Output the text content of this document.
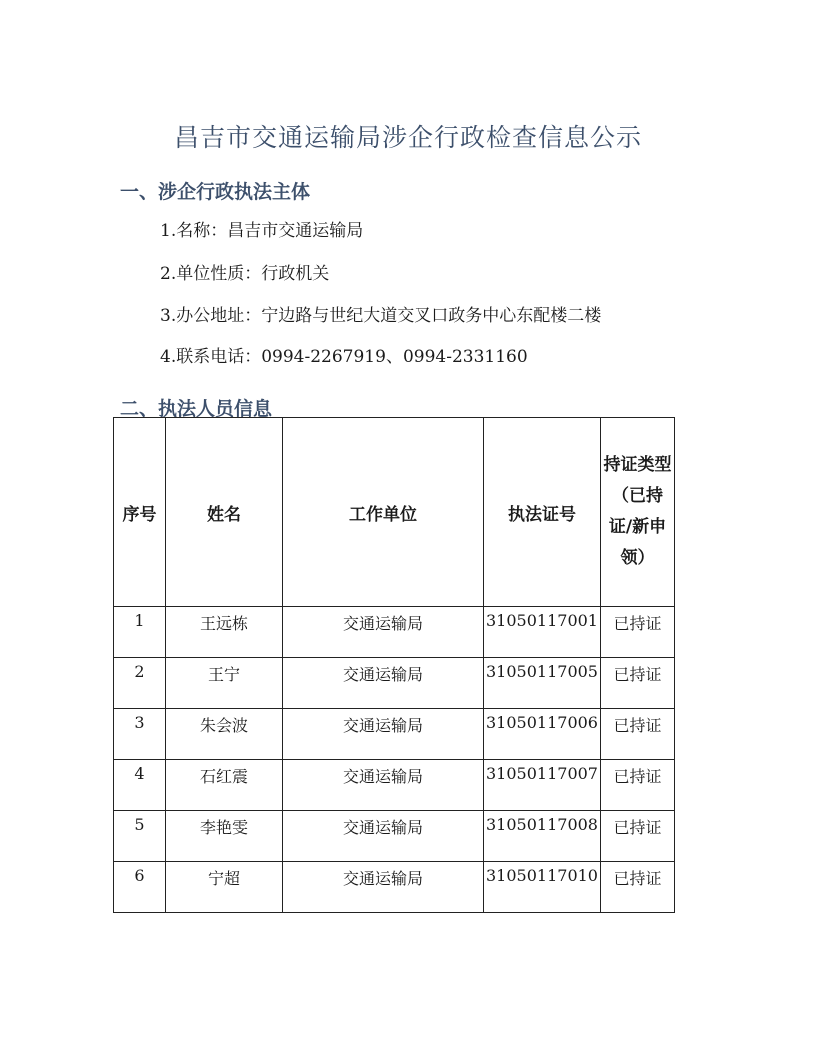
昌吉市交通运输局涉企行政检查信息公示
一、涉企行政执法主体
1.名称：昌吉市交通运输局
2.单位性质：行政机关
3.办公地址：宁边路与世纪大道交叉口政务中心东配楼二楼
4.联系电话：0994-2267919、0994-2331160
二、执法人员信息
序号	姓名	工作单位	执法证号	持证类型（已持证/新申领）
1	王远栋	交通运输局	31050117001	已持证
2	王宁	交通运输局	31050117005	已持证
3	朱会波	交通运输局	31050117006	已持证
4	石红震	交通运输局	31050117007	已持证
5	李艳雯	交通运输局	31050117008	已持证
6	宁超	交通运输局	31050117010	已持证
